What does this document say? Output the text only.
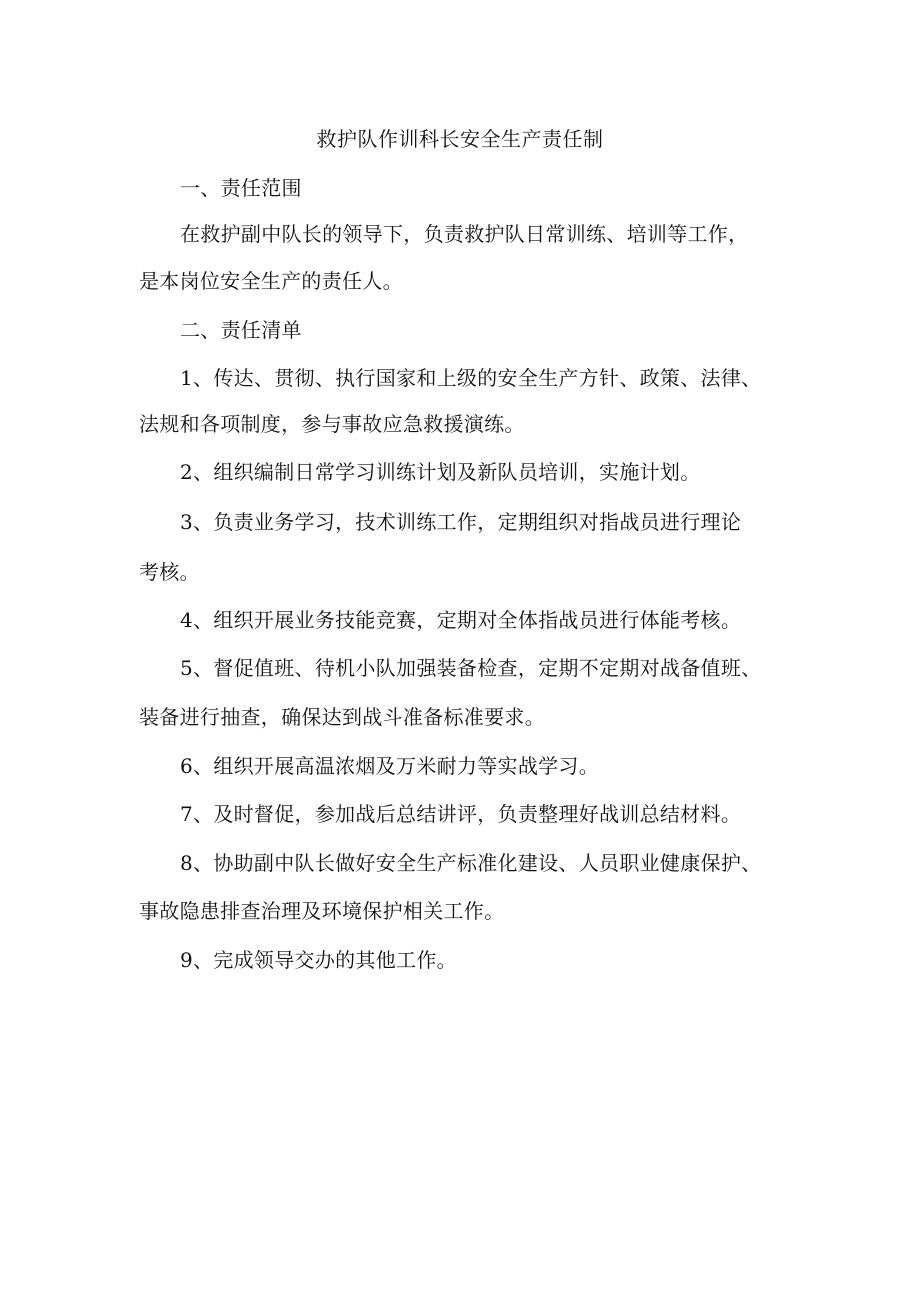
救护队作训科长安全生产责任制
一、责任范围
在救护副中队长的领导下，负责救护队日常训练、培训等工作，
是本岗位安全生产的责任人。
二、责任清单
1、传达、贯彻、执行国家和上级的安全生产方针、政策、法律、
法规和各项制度，参与事故应急救援演练。
2、组织编制日常学习训练计划及新队员培训，实施计划。
3、负责业务学习，技术训练工作，定期组织对指战员进行理论
考核。
4、组织开展业务技能竞赛，定期对全体指战员进行体能考核。
5、督促值班、待机小队加强装备检查，定期不定期对战备值班、
装备进行抽查，确保达到战斗准备标准要求。
6、组织开展高温浓烟及万米耐力等实战学习。
7、及时督促，参加战后总结讲评，负责整理好战训总结材料。
8、协助副中队长做好安全生产标准化建设、人员职业健康保护、
事故隐患排查治理及环境保护相关工作。
9、完成领导交办的其他工作。
